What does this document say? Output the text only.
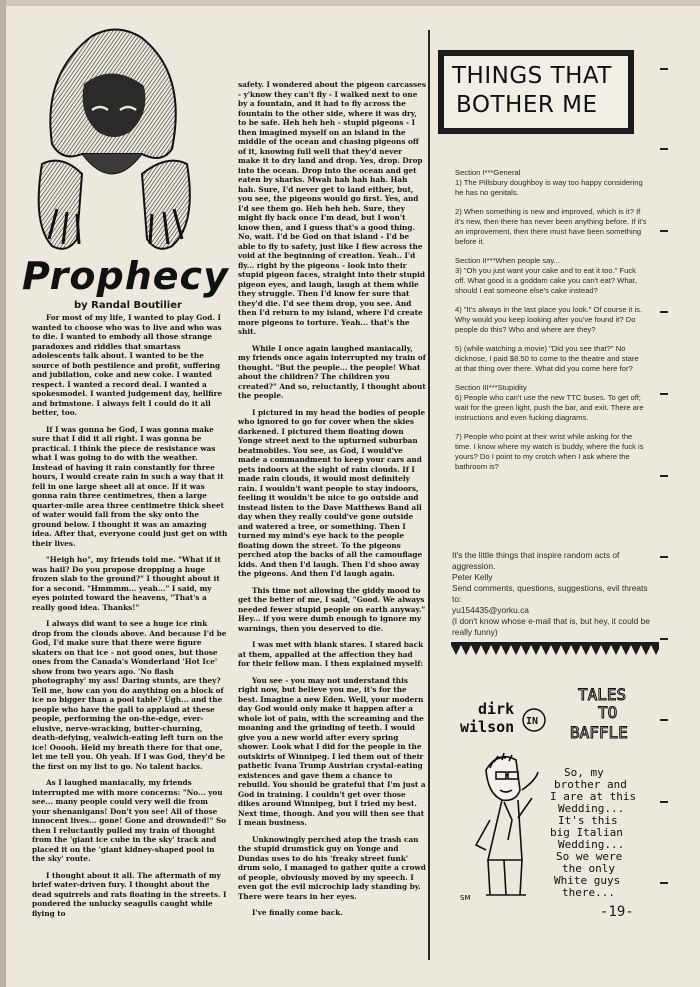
Prophecy
by Randal Boutilier

For most of my life, I wanted to play God. I wanted to choose who was to live and who was to die. I wanted to embody all those strange paradoxes and riddles that smartass adolescents talk about. I wanted to be the source of both pestilence and profit, suffering and jubilation, coke and new coke. I wanted respect. I wanted a record deal. I wanted a spokesmodel. I wanted judgement day, hellfire and brimstone. I always felt I could do it all better, too.

If I was gonna be God, I was gonna make sure that I did it all right. I was gonna be practical. I think the piece de resistance was what I was going to do with the weather. Instead of having it rain constantly for three hours, I would create rain in such a way that it fell in one large sheet all at once. If it was gonna rain three centimetres, then a large quarter-mile area three centimetre thick sheet of water would fall from the sky onto the ground below. I thought it was an amazing idea. After that, everyone could just get on with their lives.

"Heigh ho", my friends told me. "What if it was hail? Do you propose dropping a huge frozen slab to the ground?" I thought about it for a second. "Hmmmm... yeah..." I said, my eyes pointed toward the heavens, "That's a really good idea. Thanks!"

I always did want to see a huge ice rink drop from the clouds above. And because I'd be God, I'd make sure that there were figure skaters on that ice - not good ones, but those ones from the Canada's Wonderland 'Hot Ice' show from two years ago. 'No flash photography' my ass! Daring stunts, are they? Tell me, how can you do anything on a block of ice no bigger than a pool table? Ugh... and the people who have the gall to applaud at these people, performing the on-the-edge, ever-elusive, nerve-wracking, butter-churning, death-defying, vealwich-eating left turn on the ice! Ooooh. Held my breath there for that one, let me tell you. Oh yeah. If I was God, they'd be the first on my list to go. No talent hacks.

As I laughed maniacally, my friends interrupted me with more concerns: "No... you see... many people could very well die from your shenanigans! Don't you see! All of those innocent lives... gone! Gone and drownded!" So then I reluctantly pulled my train of thought from the 'giant ice cube in the sky' track and placed it on the 'giant kidney-shaped pool in the sky' route.

I thought about it all. The aftermath of my brief water-driven fury. I thought about the dead squirrels and rats floating in the streets. I pondered the unlucky seagulls caught while flying to

safety. I wondered about the pigeon carcasses - y'know they can't fly - I walked next to one by a fountain, and it had to fly across the fountain to the other side, where it was dry, to be safe. Heh heh heh - stupid pigeons - I then imagined myself on an island in the middle of the ocean and chasing pigeons off of it, knowing full well that they'd never make it to dry land and drop. Yes, drop. Drop into the ocean. Drop into the ocean and get eaten by sharks. Mwah hah hah hah. Hah hah. Sure, I'd never get to land either, but, you see, the pigeons would go first. Yes, and I'd see them go. Heh heh heh. Sure, they might fly back once I'm dead, but I won't know then, and I guess that's a good thing. No, wait. I'd be God on that island - I'd be able to fly to safety, just like I flew across the void at the beginning of creation. Yeah.. I'd fly... right by the pigeons - look into their stupid pigeon faces, straight into their stupid pigeon eyes, and laugh, laugh at them while they struggle. Then I'd know fer sure that they'd die. I'd see them drop, you see. And then I'd return to my island, where I'd create more pigeons to torture. Yeah... that's the shit.

While I once again laughed maniacally, my friends once again interrupted my train of thought. "But the people... the people! What about the children? The children you created?" And so, reluctantly, I thought about the people.

I pictured in my head the bodies of people who ignored to go for cover when the skies darkened. I pictured them floating down Yonge street next to the upturned suburban beatmobiles. You see, as God, I would've made a commandment to keep your cars and pets indoors at the sight of rain clouds. If I made rain clouds, it would most definitely rain. I wouldn't want people to stay indoors, feeling it wouldn't be nice to go outside and instead listen to the Dave Matthews Band all day when they really could've gone outside and watered a tree, or something. Then I turned my mind's eye back to the people floating down the street. To the pigeons perched atop the backs of all the camouflage kids. And then I'd laugh. Then I'd shoo away the pigeons. And then I'd laugh again.

This time not allowing the giddy mood to get the better of me, I said, "Good. We always needed fewer stupid people on earth anyway." Hey... if you were dumb enough to ignore my warnings, then you deserved to die.

I was met with blank stares. I stared back at them, appalled at the affection they had for their fellow man. I then explained myself:

You see - you may not understand this right now, but believe you me, it's for the best. Imagine a new Eden. Well, your modern day God would only make it happen after a whole lot of pain, with the screaming and the moaning and the grinding of teeth. I would give you a new world after every spring shower. Look what I did for the people in the outskirts of Winnipeg. I led them out of their pathetic Ivana Trump Austrian crystal-eating existences and gave them a chance to rebuild. You should be grateful that I'm just a God in training. I couldn't get over those dikes around Winnipeg, but I tried my best. Next time, though. And you will then see that I mean business.

Unknowingly perched atop the trash can the stupid drumstick guy on Yonge and Dundas uses to do his 'freaky street funk' drum solo, I managed to gather quite a crowd of people, obviously moved by my speech. I even got the evil microchip lady standing by. There were tears in her eyes.

I've finally come back.

THINGS THAT
BOTHER ME
Section I***General
1) The Pillsbury doughboy is way too happy considering he has no genitals.
2) When something is new and improved, which is it? If it's new, then there has never been anything before. If it's an improvement, then there must have been something before it.
Section II***When people say...
3) "Oh you just want your cake and to eat it too." Fuck off. What good is a goddam cake you can't eat? What, should I eat someone else's cake instead?
4) "It's always in the last place you look." Of course it is. Why would you keep looking after you've found it? Do people do this? Who and where are they?
5) (while watching a movie) "Did you see that?" No dicknose, I paid $8.50 to come to the theatre and stare at that thing over there. What did you come here for?
Section III***Stupidity
6) People who can't use the new TTC buses. To get off; wait for the green light, push the bar, and exit. There are instructions and even fucking diagrams.
7) People who point at their wrist while asking for the time. I know where my watch is buddy, where the fuck is yours? Do I point to my crotch when I ask where the bathroom is?
It's the little things that inspire random acts of aggression.
Peter Kelly
Send comments, questions, suggestions, evil threats to:
yu154435@yorku.ca
(I don't know whose e-mail that is, but hey, it could be really funny)
dirk
wilson IN
TALES
TO
BAFFLE
So, my
brother and
I are at this
Wedding...
It's this
big Italian
Wedding...
So we were
the only
White guys
there...
SM
-19-
